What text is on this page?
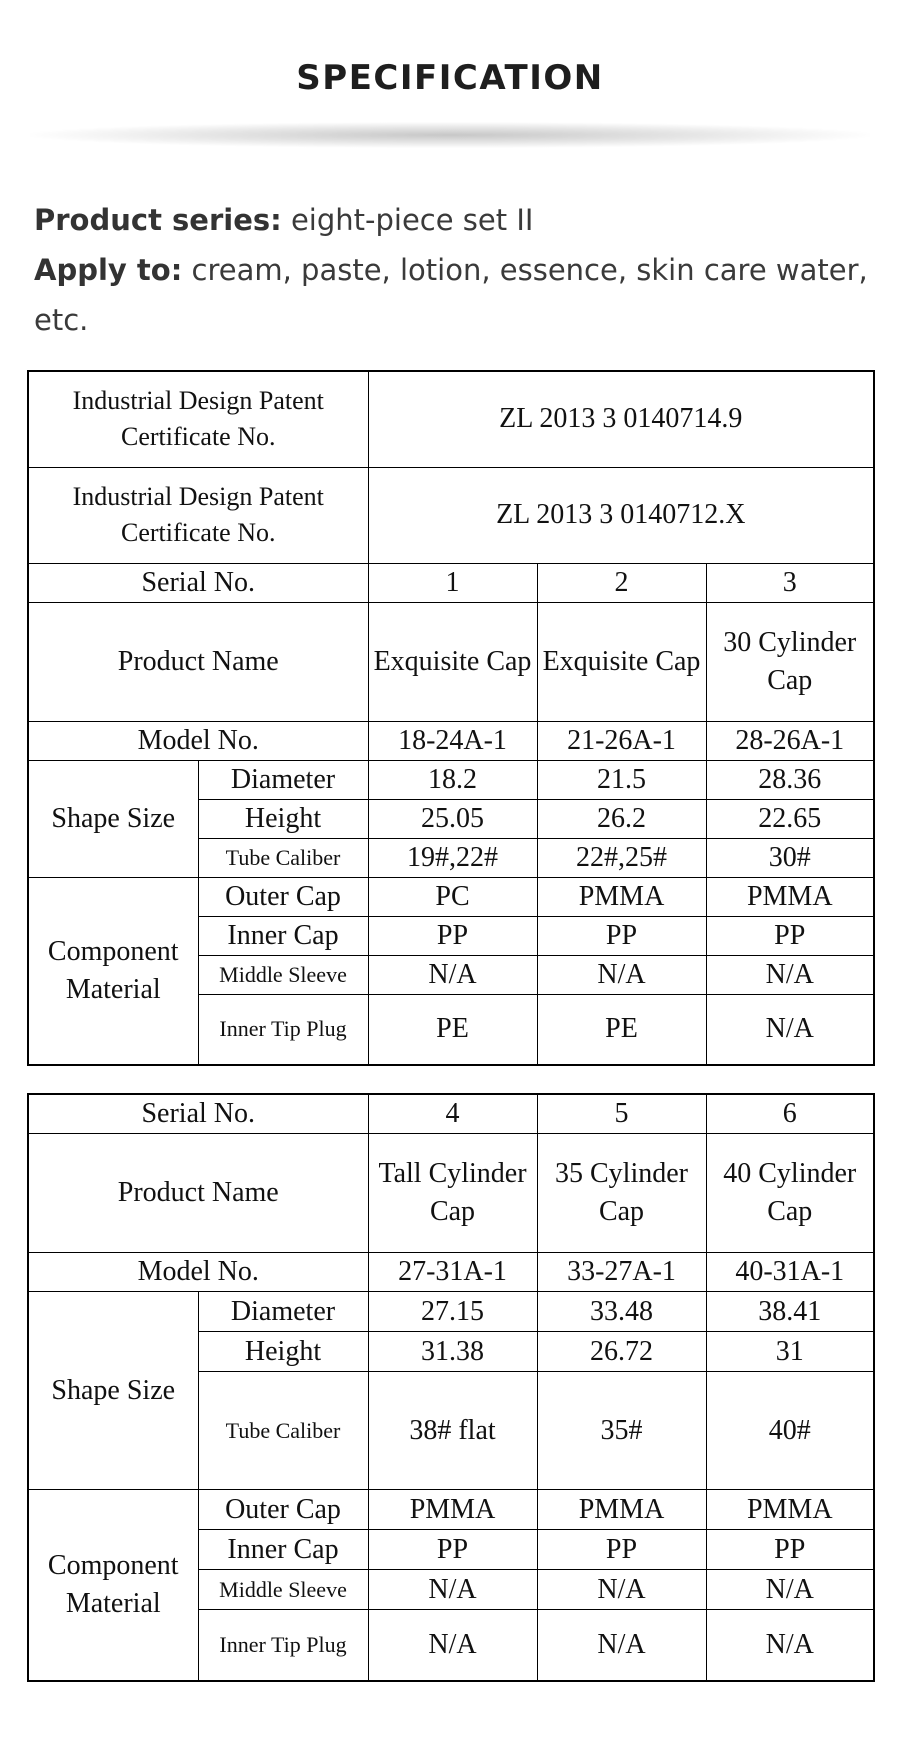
SPECIFICATION
Product series: eight-piece set II
Apply to: cream, paste, lotion, essence, skin care water, etc.
Industrial Design Patent Certificate No.		ZL 2013 3 0140714.9		
Industrial Design Patent Certificate No.		ZL 2013 3 0140712.X		
Serial No.		1	2	3
Product Name		Exquisite Cap	Exquisite Cap	30 Cylinder Cap
Model No.		18-24A-1	21-26A-1	28-26A-1
Shape Size	Diameter	18.2	21.5	28.36
	Height	25.05	26.2	22.65
	Tube Caliber	19#,22#	22#,25#	30#
Component Material	Outer Cap	PC	PMMA	PMMA
	Inner Cap	PP	PP	PP
	Middle Sleeve	N/A	N/A	N/A
	Inner Tip Plug	PE	PE	N/A
Serial No.		4	5	6
Product Name		Tall Cylinder Cap	35 Cylinder Cap	40 Cylinder Cap
Model No.		27-31A-1	33-27A-1	40-31A-1
Shape Size	Diameter	27.15	33.48	38.41
	Height	31.38	26.72	31
	Tube Caliber	38# flat	35#	40#
Component Material	Outer Cap	PMMA	PMMA	PMMA
	Inner Cap	PP	PP	PP
	Middle Sleeve	N/A	N/A	N/A
	Inner Tip Plug	N/A	N/A	N/A
